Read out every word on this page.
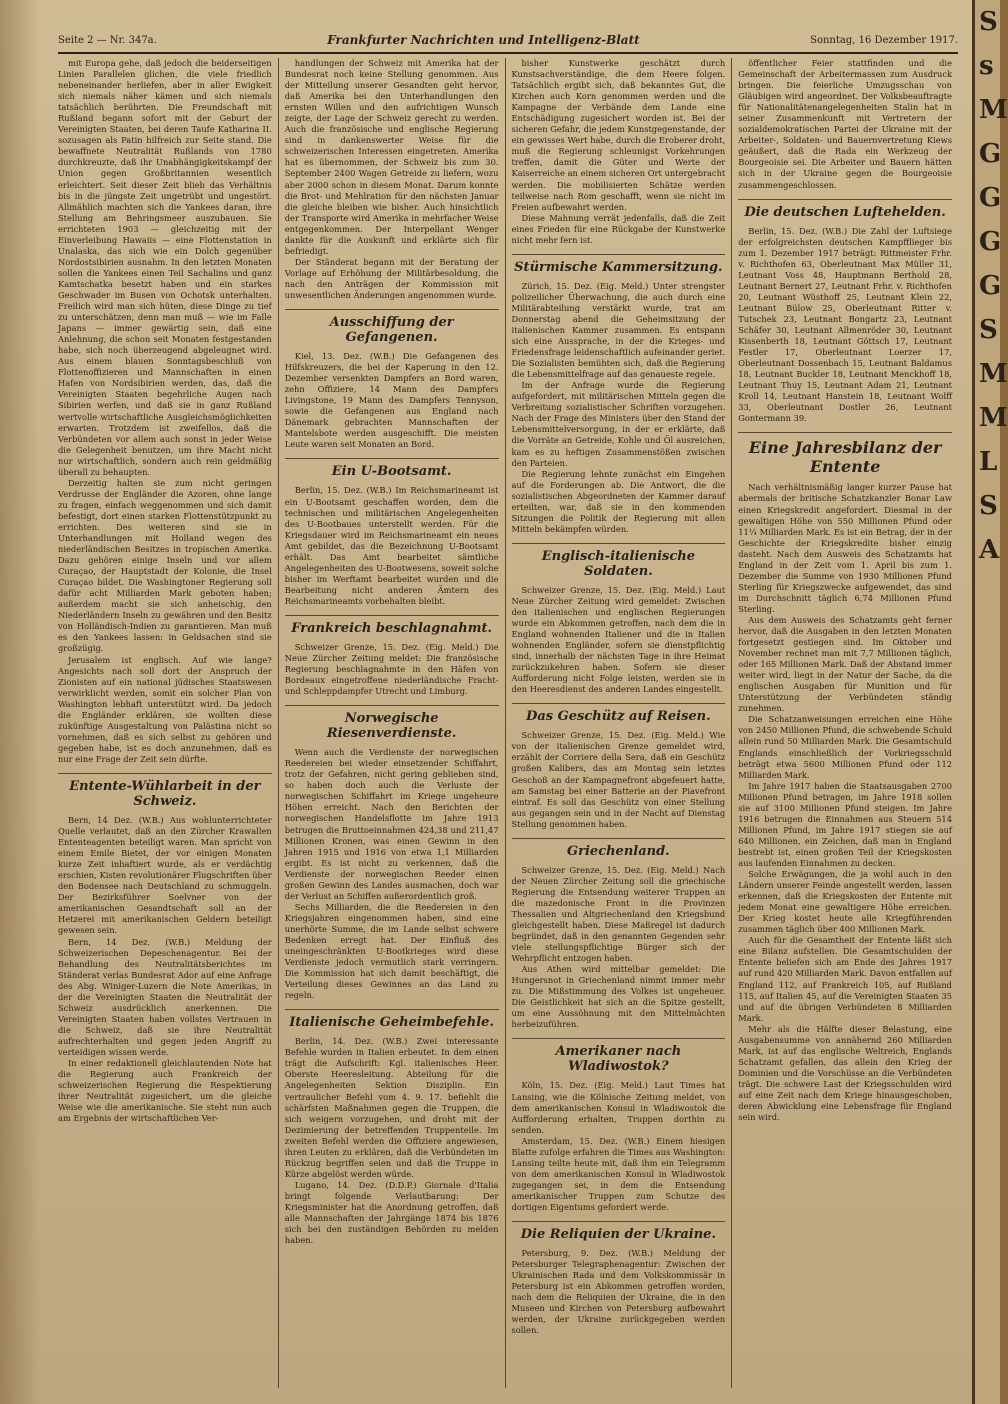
Seite 2 — Nr. 347a.	Frankfurter Nachrichten und Intelligenz-Blatt	Sonntag, 16 Dezember 1917.

mit Europa gehe, daß jedoch die beiderseitigen Linien Parallelen glichen, die viele friedlich nebeneinander herliefen, aber in aller Ewigkeit sich niemals näher kämen und sich niemals tatsächlich berührten. Die Freundschaft mit Rußland begann sofort mit der Geburt der Vereinigten Staaten, bei deren Taufe Katharina II. sozusagen als Patin hilfreich zur Seite stand. Die bewaffnete Neutralität Rußlands von 1780 durchkreuzte, daß ihr Unabhängigkeitskampf der Union gegen Großbritannien wesentlich erleichtert. Seit dieser Zeit blieb das Verhältnis bis in die jüngste Zeit ungetrübt und ungestört. Allmählich machten sich die Yankees daran, ihre Stellung am Behringsmeer auszubauen. Sie errichteten 1903 — gleichzeitig mit der Einverleibung Hawaiis — eine Flottenstation in Unalaska, das sich wie ein Dolch gegenüber Nordostsibirien ausnahm. In den letzten Monaten sollen die Yankees einen Teil Sachalins und ganz Kamtschatka besetzt haben und ein starkes Geschwader im Busen von Ochotsk unterhalten. Freilich wird man sich hüten, diese Dinge zu tief zu unterschätzen, denn man muß — wie im Falle Japans — immer gewärtig sein, daß eine Anlehnung, die schon seit Monaten festgestanden habe, sich noch überzeugend abgeleugnet wird. Aus einem blauen Sonntagsbeschluß von Flottenoffizieren und Mannschaften in einen Hafen von Nordsibirien werden, das, daß die Vereinigten Staaten begehrliche Augen nach Sibirien werfen, und daß sie in ganz Rußland wertvolle wirtschaftliche Ausgleichsmöglichkeiten erwarten. Trotzdem ist zweifellos, daß die Verbündeten vor allem auch sonst in jeder Weise die Gelegenheit benutzen, um ihre Macht nicht nur wirtschaftlich, sondern auch rein geldmäßig überall zu behaupten.

Derzeitig halten sie zum nicht geringen Verdrusse der Engländer die Azoren, ohne lange zu fragen, einfach weggenommen und sich damit befestigt, dort einen starken Flottenstützpunkt zu errichten. Des weiteren sind sie in Unterhandlungen mit Holland wegen des niederländischen Besitzes in tropischen Amerika. Dazu gehören einige Inseln und vor allem Curaçao, der Hauptstadt der Kolonie, die Insel Curaçao bildet. Die Washingtoner Regierung soll dafür acht Milliarden Mark geboten haben; außerdem macht sie sich anheischig, den Niederländern Inseln zu gewähren und den Besitz von Holländisch-Indien zu garantieren. Man muß es den Yankees lassen: in Geldsachen sind sie großzügig.

Jerusalem ist englisch. Auf wie lange? Angesichts nach soll dort der Anspruch der Zionisten auf ein national jüdisches Staatswesen verwirklicht werden, somit ein solcher Plan von Washington lebhaft unterstützt wird. Da jedoch die Engländer erklären, sie wollten diese zukünftige Ausgestaltung von Palästina nicht so vornehmen, daß es sich selbst zu gehören und gegeben habe, ist es doch anzunehmen, daß es nur eine Frage der Zeit sein dürfte.

Entente-Wühlarbeit in der Schweiz.

Bern, 14 Dez. (W.B.) Aus wohlunterrichteter Quelle verlautet, daß an den Zürcher Krawallen Ententeagenten beteiligt waren. Man spricht von einem Emile Bietet, der vor einigen Monaten kurze Zeit inhaftiert wurde, als er verdächtig erschien, Kisten revolutionärer Flugschriften über den Bodensee nach Deutschland zu schmuggeln. Der Bezirksführer Soelvner von der amerikanischen Gesandtschaft soll an der Hetzerei mit amerikanischen Geldern beteiligt gewesen sein.

Bern, 14 Dez. (W.B.) Meldung der Schweizerischen Depeschenagentur. Bei der Behandlung des Neutralitätsberichtes im Ständerat verlas Bundesrat Ador auf eine Anfrage des Abg. Winiger-Luzern die Note Amerikas, in der die Vereinigten Staaten die Neutralität der Schweiz ausdrücklich anerkennen. Die Vereinigten Staaten haben vollstes Vertrauen in die Schweiz, daß sie ihre Neutralität aufrechterhalten und gegen jeden Angriff zu verteidigen wissen werde.

In einer redaktionell gleichlautenden Note hat die Regierung auch Frankreich der schweizerischen Regierung die Respektierung ihrer Neutralität zugesichert, um die gleiche Weise wie die amerikanische. Sie steht nun auch am Ergebnis der wirtschaftlichen Ver-

handlungen der Schweiz mit Amerika hat der Bundesrat noch keine Stellung genommen. Aus der Mitteilung unserer Gesandten geht hervor, daß Amerika bei den Unterhandlungen den ernsten Willen und den aufrichtigen Wunsch zeigte, der Lage der Schweiz gerecht zu werden. Auch die französische und englische Regierung sind in dankenswerter Weise für die schweizerischen Interessen eingetreten. Amerika hat es übernommen, der Schweiz bis zum 30. September 2400 Wagen Getreide zu liefern, wozu aber 2000 schon in diesem Monat. Darum konnte die Brot- und Mehlration für den nächsten Januar die gleiche bleiben wie bisher. Auch hinsichtlich der Transporte wird Amerika in mehrfacher Weise entgegenkommen. Der Interpellant Wenger dankte für die Auskunft und erklärte sich für befriedigt.

Der Ständerat begann mit der Beratung der Vorlage auf Erhöhung der Militärbesoldung, die nach den Anträgen der Kommission mit unwesentlichen Änderungen angenommen wurde.

Ausschiffung der Gefangenen.

Kiel, 13. Dez. (W.B.) Die Gefangenen des Hilfskreuzers, die bei der Kaperung in den 12. Dezember versenkten Dampfers an Bord waren, zehn Offiziere, 14 Mann des Dampfers Livingstone, 19 Mann des Dampfers Tennyson, sowie die Gefangenen aus England nach Dänemark gebrachten Mannschaften der Mantelsbote werden ausgeschifft. Die meisten Leute waren seit Monaten an Bord.

Ein U-Bootsamt.

Berlin, 15. Dez. (W.B.) Im Reichsmarineamt ist ein U-Bootsamt geschaffen worden, dem die technischen und militärischen Angelegenheiten des U-Bootbaues unterstellt werden. Für die Kriegsdauer wird im Reichsmarineamt ein neues Amt gebildet, das die Bezeichnung U-Bootsamt erhält. Das Amt bearbeitet sämtliche Angelegenheiten des U-Bootwesens, soweit solche bisher im Werftamt bearbeitet wurden und die Bearbeitung nicht anderen Ämtern des Reichsmarineamts vorbehalten bleibt.

Frankreich beschlagnahmt.

Schweizer Grenze, 15. Dez. (Eig. Meld.) Die Neue Zürcher Zeitung meldet: Die französische Regierung beschlagnahmte in den Häfen von Bordeaux eingetroffene niederländische Fracht- und Schleppdampfer Utrecht und Limburg.

Norwegische Riesenverdienste.

Wenn auch die Verdienste der norwegischen Reedereien bei wieder einsetzender Schiffahrt, trotz der Gefahren, nicht gering geblieben sind, so haben doch auch die Verluste der norwegischen Schiffahrt im Kriege ungeheure Höhen erreicht. Nach den Berichten der norwegischen Handelsflotte im Jahre 1913 betrugen die Bruttoeinnahmen 424,38 und 211,47 Millionen Kronen, was einen Gewinn in den Jahren 1915 und 1916 von etwa 1,1 Milliarden ergibt. Es ist nicht zu verkennen, daß die Verdienste der norwegischen Reeder einen großen Gewinn des Landes ausmachen, doch war der Verlust an Schiffen außerordentlich groß.

Sechs Milliarden, die die Reedereien in den Kriegsjahren eingenommen haben, sind eine unerhörte Summe, die im Lande selbst schwere Bedenken erregt hat. Der Einfluß des uneingeschränkten U-Bootkrieges wird diese Verdienste jedoch vermutlich stark verringern. Die Kommission hat sich damit beschäftigt, die Verteilung dieses Gewinnes an das Land zu regeln.

Italienische Geheimbefehle.

Berlin, 14. Dez. (W.B.) Zwei interessante Befehle wurden in Italien erbeutet. In dem einen trägt die Aufschrift: Kgl. italienisches Heer. Oberste Heeresleitung. Abteilung für die Angelegenheiten Sektion Disziplin. Ein vertraulicher Befehl vom 4. 9. 17. befiehlt die schärfsten Maßnahmen gegen die Truppen, die sich weigern vorzugehen, und droht mit der Dezimierung der betreffenden Truppenteile. Im zweiten Befehl werden die Offiziere angewiesen, ihren Leuten zu erklären, daß die Verbündeten im Rückzug begriffen seien und daß die Truppe in Kürze abgelöst werden würde.

Lugano, 14. Dez. (D.D.P.) Giornale d'Italia bringt folgende Verlautbarung: Der Kriegsminister hat die Anordnung getroffen, daß alle Mannschaften der Jahrgänge 1874 bis 1876 sich bei den zuständigen Behörden zu melden haben.

bisher Kunstwerke geschätzt durch Kunstsachverständige, die dem Heere folgen. Tatsächlich ergibt sich, daß bekanntes Gut, die Kirchen auch Korn genommen werden und die Kampagne der Verbände dem Lande eine Entschädigung zugesichert worden ist. Bei der sicheren Gefahr, die jedem Kunstgegenstande, der ein gewisses Wert habe, durch die Eroberer droht, muß die Regierung schleunigst Vorkehrungen treffen, damit die Güter und Werte der Kaiserreiche an einem sicheren Ort untergebracht werden. Die mobilisierten Schätze werden teilweise nach Rom geschafft, wenn sie nicht im Freien aufbewahrt werden.

Diese Mahnung verrät jedenfalls, daß die Zeit eines Frieden für eine Rückgabe der Kunstwerke nicht mehr fern ist.

Stürmische Kammersitzung.

Zürich, 15. Dez. (Eig. Meld.) Unter strengster polizeilicher Überwachung, die auch durch eine Militärabteilung verstärkt wurde, trat am Donnerstag abend die Geheimsitzung der italienischen Kammer zusammen. Es entspann sich eine Aussprache, in der die Krieges- und Friedensfrage leidenschaftlich aufeinander geriet. Die Sozialisten bemühten sich, daß die Regierung die Lebensmittelfrage auf das genaueste regele.

Im der Anfrage wurde die Regierung aufgefordert, mit militärischen Mitteln gegen die Verbreitung sozialistischer Schriften vorzugehen. Nach der Frage des Ministers über den Stand der Lebensmittelversorgung, in der er erklärte, daß die Vorräte an Getreide, Kohle und Öl ausreichen, kam es zu heftigen Zusammenstößen zwischen den Parteien.

Die Regierung lehnte zunächst ein Eingehen auf die Forderungen ab. Die Antwort, die die sozialistischen Abgeordneten der Kammer darauf erteilten, war, daß sie in den kommenden Sitzungen die Politik der Regierung mit allen Mitteln bekämpfen würden.

Englisch-italienische Soldaten.

Schweizer Grenze, 15. Dez. (Eig. Meld.) Laut Neue Zürcher Zeitung wird gemeldet: Zwischen den italienischen und englischen Regierungen wurde ein Abkommen getroffen, nach dem die in England wohnenden Italiener und die in Italien wohnenden Engländer, sofern sie dienstpflichtig sind, innerhalb der nächsten Tage in ihre Heimat zurückzukehren haben. Sofern sie dieser Aufforderung nicht Folge leisten, werden sie in den Heeresdienst des anderen Landes eingestellt.

Das Geschütz auf Reisen.

Schweizer Grenze, 15. Dez. (Eig. Meld.) Wie von der italienischen Grenze gemeldet wird, erzählt der Corriere della Sera, daß ein Geschütz großen Kalibers, das am Montag sein letztes Geschoß an der Kampagnefront abgefeuert hatte, am Samstag bei einer Batterie an der Piavefront eintraf. Es soll das Geschütz von einer Stellung aus gegangen sein und in der Nacht auf Dienstag Stellung genommen haben.

Griechenland.

Schweizer Grenze, 15. Dez. (Eig. Meld.) Nach der Neuen Zürcher Zeitung soll die griechische Regierung die Entsendung weiterer Truppen an die mazedonische Front in die Provinzen Thessalien und Altgriechenland den Kriegsbund gleichgestellt haben. Diese Maßregel ist dadurch begründet, daß in den genannten Gegenden sehr viele stellungspflichtige Bürger sich der Wehrpflicht entzogen haben.

Aus Athen wird mittelbar gemeldet: Die Hungersnot in Griechenland nimmt immer mehr zu. Die Mißstimmung des Volkes ist ungeheuer. Die Geistlichkeit hat sich an die Spitze gestellt, um eine Aussöhnung mit den Mittelmächten herbeizuführen.

Amerikaner nach Wladiwostok?

Köln, 15. Dez. (Eig. Meld.) Laut Times hat Lansing, wie die Kölnische Zeitung meldet, von dem amerikanischen Konsul in Wladiwostok die Aufforderung erhalten, Truppen dorthin zu senden.

Amsterdam, 15. Dez. (W.B.) Einem hiesigen Blatte zufolge erfahren die Times aus Washington: Lansing teilte heute mit, daß ihm ein Telegramm von dem amerikanischen Konsul in Wladiwostok zugegangen sei, in dem die Entsendung amerikanischer Truppen zum Schutze des dortigen Eigentums gefordert werde.

Die Reliquien der Ukraine.

Petersburg, 9. Dez. (W.B.) Meldung der Petersburger Telegraphenagentur: Zwischen der Ukrainischen Rada und dem Volkskommissär in Petersburg ist ein Abkommen getroffen worden, nach dem die Reliquien der Ukraine, die in den Museen und Kirchen von Petersburg aufbewahrt werden, der Ukraine zurückgegeben werden sollen.

öffentlicher Feier stattfinden und die Gemeinschaft der Arbeitermassen zum Ausdruck bringen. Die feierliche Umzugsschau von Gläubigen wird angeordnet. Der Volksbeauftragte für Nationalitätenangelegenheiten Stalin hat in seiner Zusammenkunft mit Vertretern der sozialdemokratischen Partei der Ukraine mit der Arbeiter-, Soldaten- und Bauernvertretung Kiews geäußert, daß die Rada ein Werkzeug der Bourgeoisie sei. Die Arbeiter und Bauern hätten sich in der Ukraine gegen die Bourgeoisie zusammengeschlossen.

Die deutschen Luftehelden.

Berlin, 15. Dez. (W.B.) Die Zahl der Luftsiege der erfolgreichsten deutschen Kampfflieger bis zum 1. Dezember 1917 beträgt: Rittmeister Frhr. v. Richthofen 63, Oberleutnant Max Müller 31, Leutnant Voss 48, Hauptmann Berthold 28, Leutnant Bernert 27, Leutnant Frhr. v. Richthofen 20, Leutnant Wüsthoff 25, Leutnant Klein 22, Leutnant Bülow 25, Oberleutnant Ritter v. Tutschek 23, Leutnant Bongartz 23, Leutnant Schäfer 30, Leutnant Allmenröder 30, Leutnant Kissenberth 18, Leutnant Göttsch 17, Leutnant Festler 17, Oberleutnant Loerzer 17, Oberleutnant Dossenbach 15, Leutnant Baldamus 18, Leutnant Buckler 18, Leutnant Menckhoff 18, Leutnant Thuy 15, Leutnant Adam 21, Leutnant Kroll 14, Leutnant Hanstein 18, Leutnant Wolff 33, Oberleutnant Dostler 26, Leutnant Gontermann 39.

Eine Jahresbilanz der Entente

Nach verhältnismäßig langer kurzer Pause hat abermals der britische Schatzkanzler Bonar Law einen Kriegskredit angefordert. Diesmal in der gewaltigen Höhe von 550 Millionen Pfund oder 11¼ Milliarden Mark. Es ist ein Betrag, der in der Geschichte der Kriegskredite bisher einzig dasteht. Nach dem Ausweis des Schatzamts hat England in der Zeit vom 1. April bis zum 1. Dezember die Summe von 1930 Millionen Pfund Sterling für Kriegszwecke aufgewendet, das sind im Durchschnitt täglich 6,74 Millionen Pfund Sterling.

Aus dem Ausweis des Schatzamts geht ferner hervor, daß die Ausgaben in den letzten Monaten fortgesetzt gestiegen sind. Im Oktober und November rechnet man mit 7,7 Millionen täglich, oder 165 Millionen Mark. Daß der Abstand immer weiter wird, liegt in der Natur der Sache, da die englischen Ausgaben für Munition und für Unterstützung der Verbündeten ständig zunehmen.

Die Schatzanweisungen erreichen eine Höhe von 2450 Millionen Pfund, die schwebende Schuld allein rund 50 Milliarden Mark. Die Gesamtschuld Englands einschließlich der Vorkriegsschuld beträgt etwa 5600 Millionen Pfund oder 112 Milliarden Mark.

Im Jahre 1917 haben die Staatsausgaben 2700 Millionen Pfund betragen, im Jahre 1918 sollen sie auf 3100 Millionen Pfund steigen. Im Jahre 1916 betrugen die Einnahmen aus Steuern 514 Millionen Pfund, im Jahre 1917 stiegen sie auf 640 Millionen, ein Zeichen, daß man in England bestrebt ist, einen großen Teil der Kriegskosten aus laufenden Einnahmen zu decken.

Solche Erwägungen, die ja wohl auch in den Ländern unserer Feinde angestellt werden, lassen erkennen, daß die Kriegskosten der Entente mit jedem Monat eine gewaltigere Höhe erreichen. Der Krieg kostet heute alle Kriegführenden zusammen täglich über 400 Millionen Mark.

Auch für die Gesamtheit der Entente läßt sich eine Bilanz aufstellen. Die Gesamtschulden der Entente beliefen sich am Ende des Jahres 1917 auf rund 420 Milliarden Mark. Davon entfallen auf England 112, auf Frankreich 105, auf Rußland 115, auf Italien 45, auf die Vereinigten Staaten 35 und auf die übrigen Verbündeten 8 Milliarden Mark.

Mehr als die Hälfte dieser Belastung, eine Ausgabensumme von annähernd 260 Milliarden Mark, ist auf das englische Weltreich, Englands Schatzamt gefallen, das allein den Krieg der Dominien und die Vorschüsse an die Verbündeten trägt. Die schwere Last der Kriegsschulden wird auf eine Zeit nach dem Kriege hinausgeschoben, deren Abwicklung eine Lebensfrage für England sein wird.

S
s
M
G
G
G
G
S
M
M
L
S
A
